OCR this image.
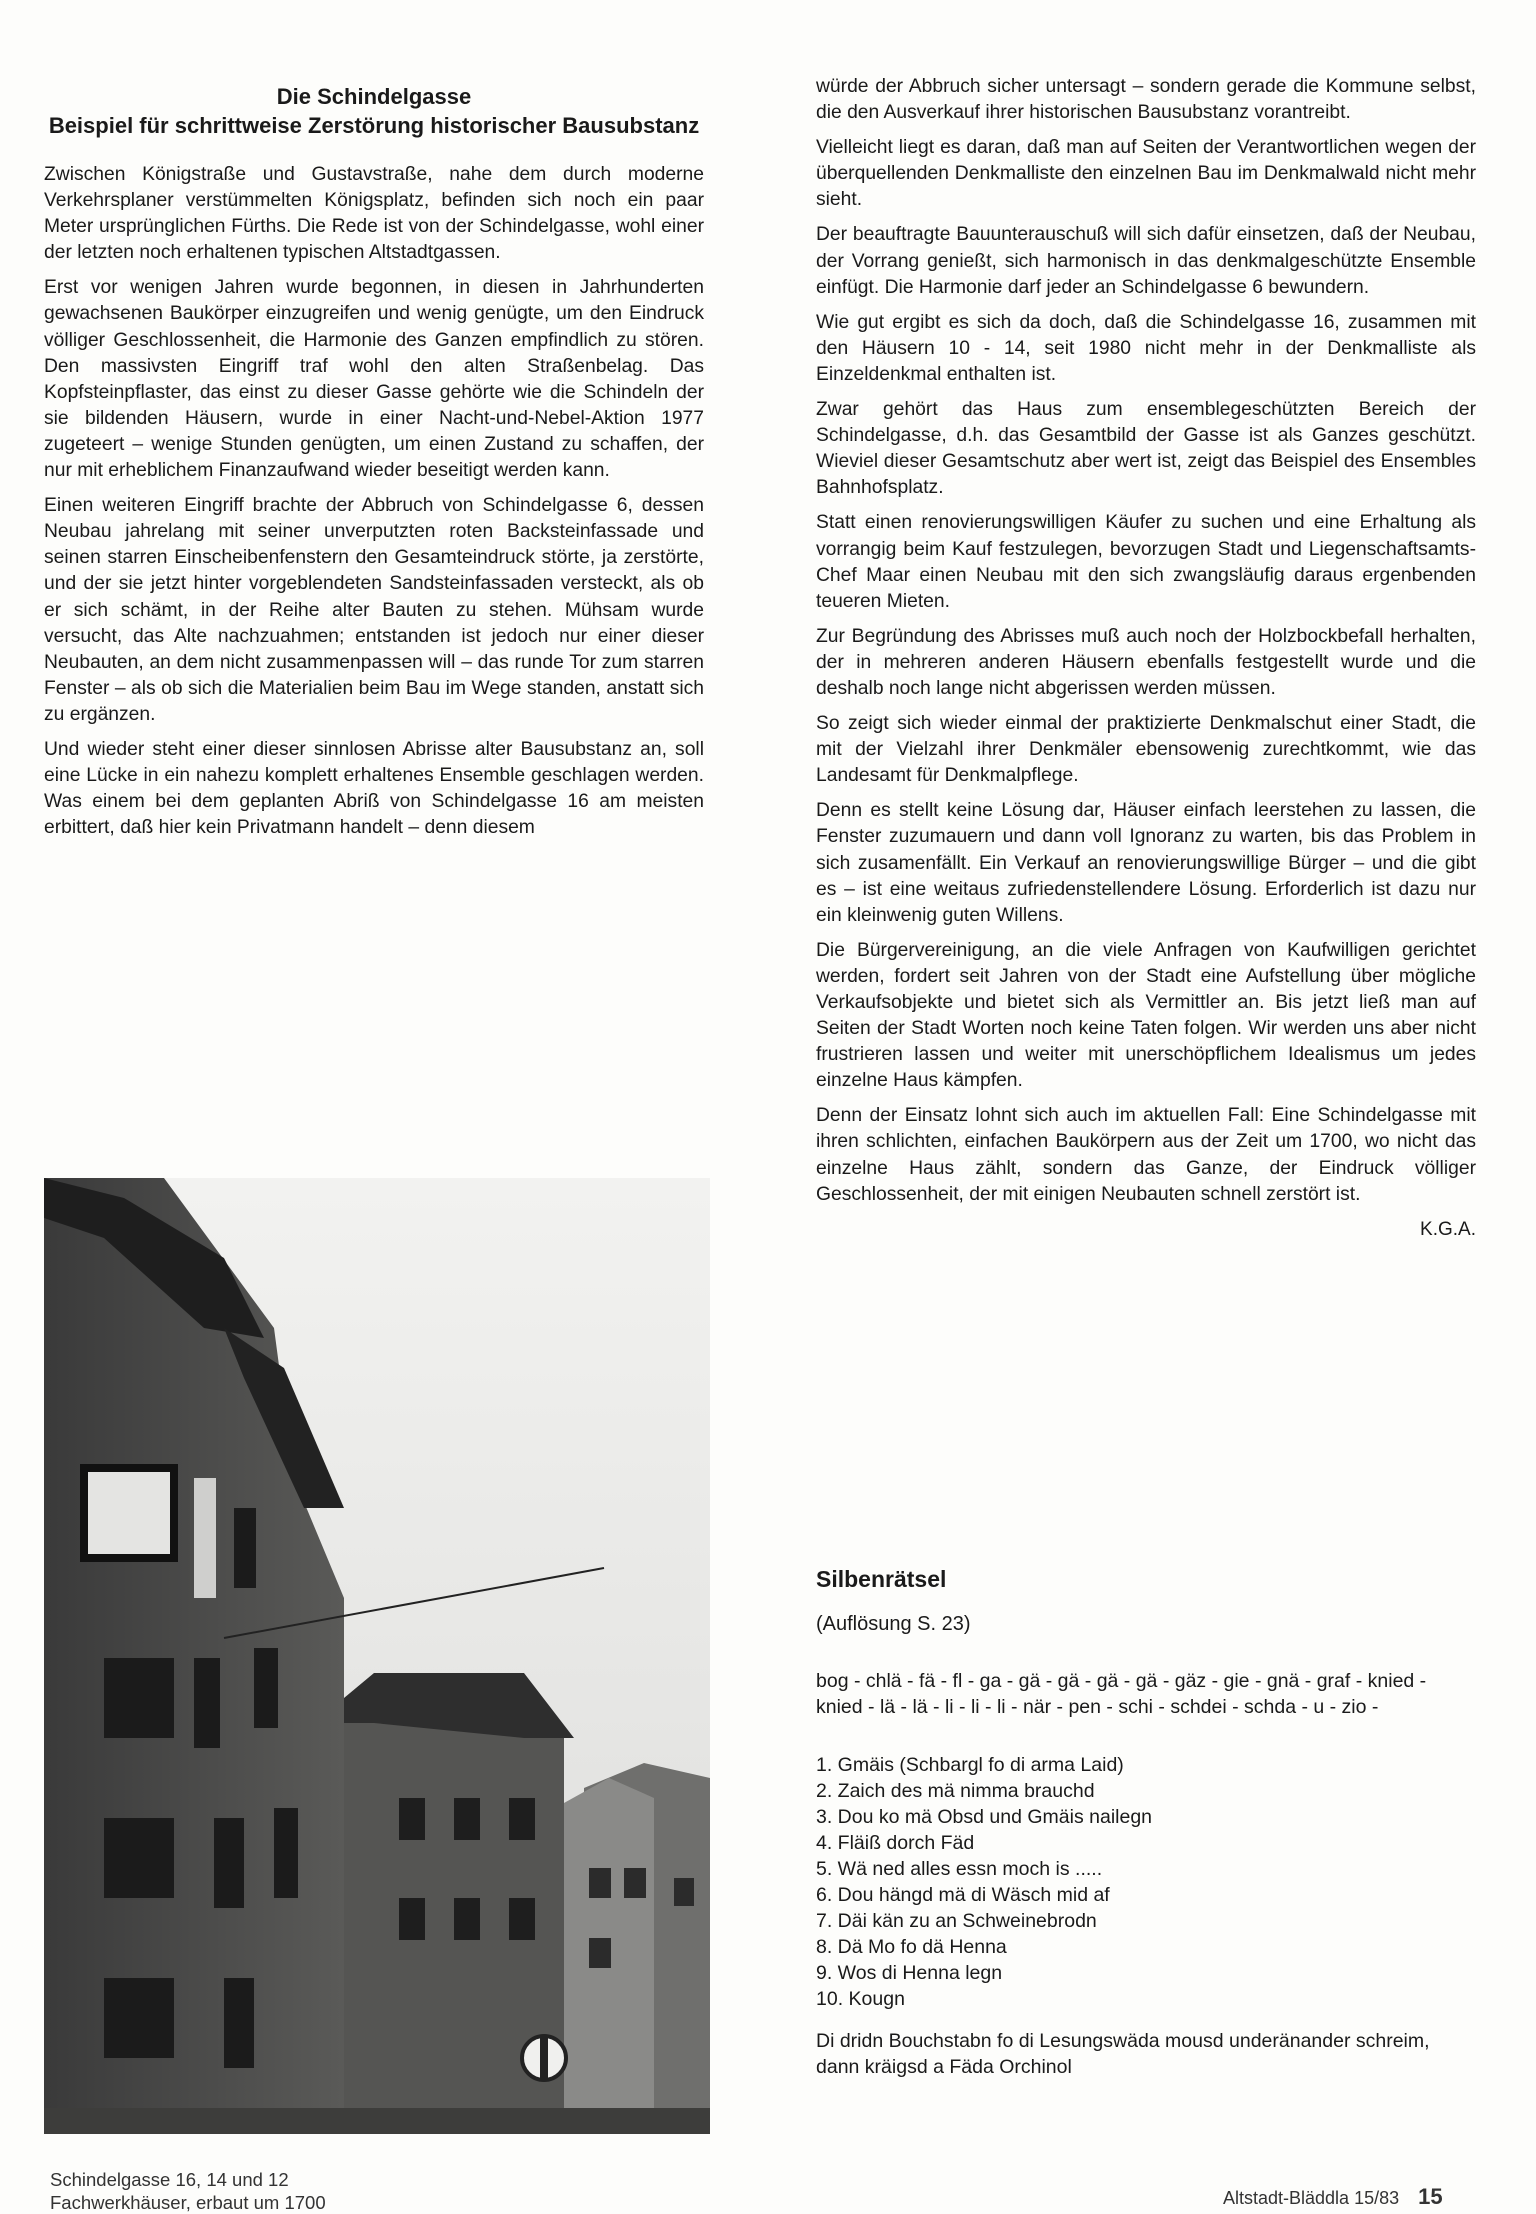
Die Schindelgasse
Beispiel für schrittweise Zerstörung historischer Bausubstanz

Zwischen Königstraße und Gustavstraße, nahe dem durch moderne Verkehrsplaner verstümmelten Königsplatz, befinden sich noch ein paar Meter ursprünglichen Fürths. Die Rede ist von der Schindelgasse, wohl einer der letzten noch erhaltenen typischen Altstadtgassen.

Erst vor wenigen Jahren wurde begonnen, in diesen in Jahrhunderten gewachsenen Baukörper einzugreifen und wenig genügte, um den Eindruck völliger Geschlossenheit, die Harmonie des Ganzen empfindlich zu stören. Den massivsten Eingriff traf wohl den alten Straßenbelag. Das Kopfsteinpflaster, das einst zu dieser Gasse gehörte wie die Schindeln der sie bildenden Häusern, wurde in einer Nacht-und-Nebel-Aktion 1977 zugeteert – wenige Stunden genügten, um einen Zustand zu schaffen, der nur mit erheblichem Finanzaufwand wieder beseitigt werden kann.

Einen weiteren Eingriff brachte der Abbruch von Schindelgasse 6, dessen Neubau jahrelang mit seiner unverputzten roten Backsteinfassade und seinen starren Einscheibenfenstern den Gesamteindruck störte, ja zerstörte, und der sie jetzt hinter vorgeblendeten Sandsteinfassaden versteckt, als ob er sich schämt, in der Reihe alter Bauten zu stehen. Mühsam wurde versucht, das Alte nachzuahmen; entstanden ist jedoch nur einer dieser Neubauten, an dem nicht zusammenpassen will – das runde Tor zum starren Fenster – als ob sich die Materialien beim Bau im Wege standen, anstatt sich zu ergänzen.

Und wieder steht einer dieser sinnlosen Abrisse alter Bausubstanz an, soll eine Lücke in ein nahezu komplett erhaltenes Ensemble geschlagen werden. Was einem bei dem geplanten Abriß von Schindelgasse 16 am meisten erbittert, daß hier kein Privatmann handelt – denn diesem

würde der Abbruch sicher untersagt – sondern gerade die Kommune selbst, die den Ausverkauf ihrer historischen Bausubstanz vorantreibt.

Vielleicht liegt es daran, daß man auf Seiten der Verantwortlichen wegen der überquellenden Denkmalliste den einzelnen Bau im Denkmalwald nicht mehr sieht.

Der beauftragte Bauunterauschuß will sich dafür einsetzen, daß der Neubau, der Vorrang genießt, sich harmonisch in das denkmalgeschützte Ensemble einfügt. Die Harmonie darf jeder an Schindelgasse 6 bewundern.

Wie gut ergibt es sich da doch, daß die Schindelgasse 16, zusammen mit den Häusern 10 - 14, seit 1980 nicht mehr in der Denkmalliste als Einzeldenkmal enthalten ist.

Zwar gehört das Haus zum ensemblegeschützten Bereich der Schindelgasse, d.h. das Gesamtbild der Gasse ist als Ganzes geschützt. Wieviel dieser Gesamtschutz aber wert ist, zeigt das Beispiel des Ensembles Bahnhofsplatz.

Statt einen renovierungswilligen Käufer zu suchen und eine Erhaltung als vorrangig beim Kauf festzulegen, bevorzugen Stadt und Liegenschaftsamts-Chef Maar einen Neubau mit den sich zwangsläufig daraus ergenbenden teueren Mieten.

Zur Begründung des Abrisses muß auch noch der Holzbockbefall herhalten, der in mehreren anderen Häusern ebenfalls festgestellt wurde und die deshalb noch lange nicht abgerissen werden müssen.

So zeigt sich wieder einmal der praktizierte Denkmalschut einer Stadt, die mit der Vielzahl ihrer Denkmäler ebensowenig zurechtkommt, wie das Landesamt für Denkmalpflege.

Denn es stellt keine Lösung dar, Häuser einfach leerstehen zu lassen, die Fenster zuzumauern und dann voll Ignoranz zu warten, bis das Problem in sich zusamenfällt. Ein Verkauf an renovierungswillige Bürger – und die gibt es – ist eine weitaus zufriedenstellendere Lösung. Erforderlich ist dazu nur ein kleinwenig guten Willens.

Die Bürgervereinigung, an die viele Anfragen von Kaufwilligen gerichtet werden, fordert seit Jahren von der Stadt eine Aufstellung über mögliche Verkaufsobjekte und bietet sich als Vermittler an. Bis jetzt ließ man auf Seiten der Stadt Worten noch keine Taten folgen. Wir werden uns aber nicht frustrieren lassen und weiter mit unerschöpflichem Idealismus um jedes einzelne Haus kämpfen.

Denn der Einsatz lohnt sich auch im aktuellen Fall: Eine Schindelgasse mit ihren schlichten, einfachen Baukörpern aus der Zeit um 1700, wo nicht das einzelne Haus zählt, sondern das Ganze, der Eindruck völliger Geschlossenheit, der mit einigen Neubauten schnell zerstört ist.

K.G.A.
Schindelgasse 16, 14 und 12
Fachwerkhäuser, erbaut um 1700
Silbenrätsel
(Auflösung S. 23)
bog - chlä - fä - fl - ga - gä - gä - gä - gä - gäz - gie - gnä - graf - knied - knied - lä - lä - li - li - li - när - pen - schi - schdei - schda - u - zio -
1. Gmäis (Schbargl fo di arma Laid)
2. Zaich des mä nimma brauchd
3. Dou ko mä Obsd und Gmäis nailegn
4. Fläiß dorch Fäd
5. Wä ned alles essn moch is .....
6. Dou hängd mä di Wäsch mid af
7. Däi kän zu an Schweinebrodn
8. Dä Mo fo dä Henna
9. Wos di Henna legn
10. Kougn
Di dridn Bouchstabn fo di Lesungswäda mousd underänander schreim, dann kräigsd a Fäda Orchinol
Altstadt-Bläddla 15/83 15
